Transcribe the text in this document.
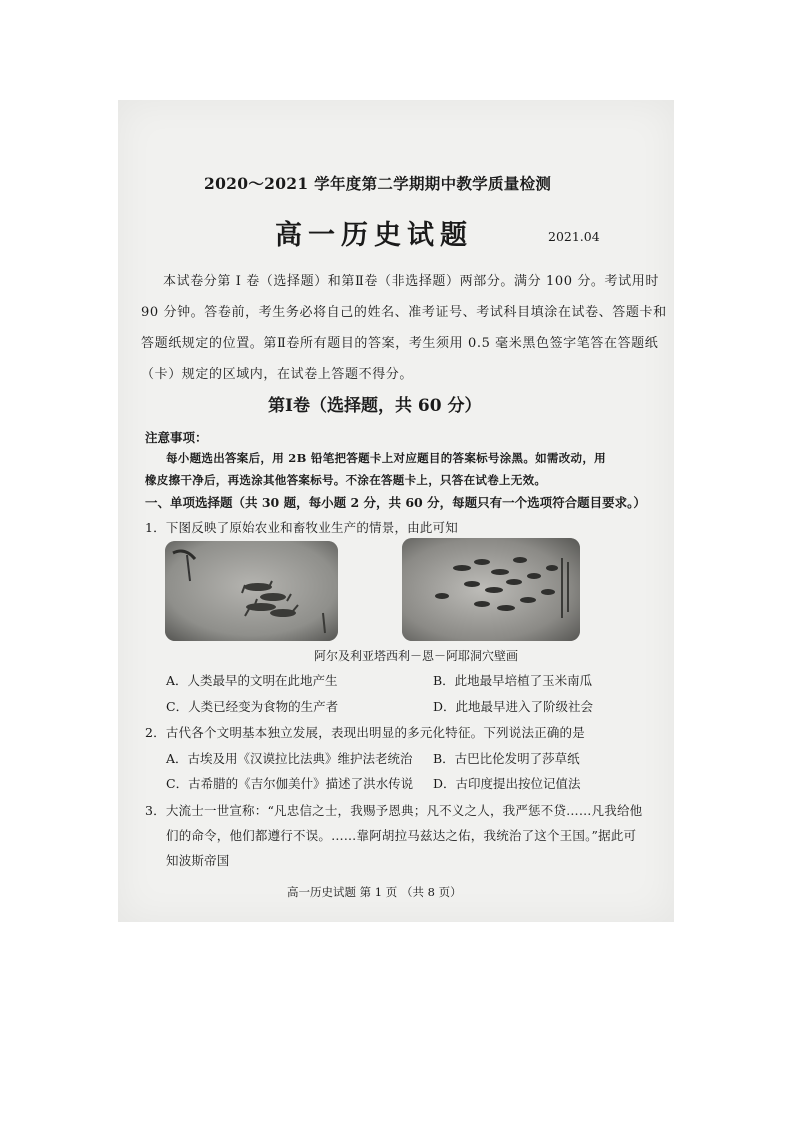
2020～2021 学年度第二学期期中教学质量检测
高一历史试题	2021.04
本试卷分第 Ⅰ 卷（选择题）和第Ⅱ卷（非选择题）两部分。满分 100 分。考试用时
90 分钟。答卷前，考生务必将自己的姓名、准考证号、考试科目填涂在试卷、答题卡和
答题纸规定的位置。第Ⅱ卷所有题目的答案，考生须用 0.5 毫米黑色签字笔答在答题纸
（卡）规定的区域内，在试卷上答题不得分。
第Ⅰ卷（选择题，共 60 分）
注意事项：
每小题选出答案后，用 2B 铅笔把答题卡上对应题目的答案标号涂黑。如需改动，用
橡皮擦干净后，再选涂其他答案标号。不涂在答题卡上，只答在试卷上无效。
一、单项选择题（共 30 题，每小题 2 分，共 60 分，每题只有一个选项符合题目要求。）
1．下图反映了原始农业和畜牧业生产的情景，由此可知
阿尔及利亚塔西利－恩－阿耶洞穴壁画
A．人类最早的文明在此地产生	B．此地最早培植了玉米南瓜
C．人类已经变为食物的生产者	D．此地最早进入了阶级社会
2．古代各个文明基本独立发展，表现出明显的多元化特征。下列说法正确的是
A．古埃及用《汉谟拉比法典》维护法老统治 B．古巴比伦发明了莎草纸
C．古希腊的《吉尔伽美什》描述了洪水传说 D．古印度提出按位记值法
3．大流士一世宣称：“凡忠信之士，我赐予恩典；凡不义之人，我严惩不贷……凡我给他
们的命令，他们都遵行不误。……靠阿胡拉马兹达之佑，我统治了这个王国。”据此可
知波斯帝国
高一历史试题 第 1 页 （共 8 页）
